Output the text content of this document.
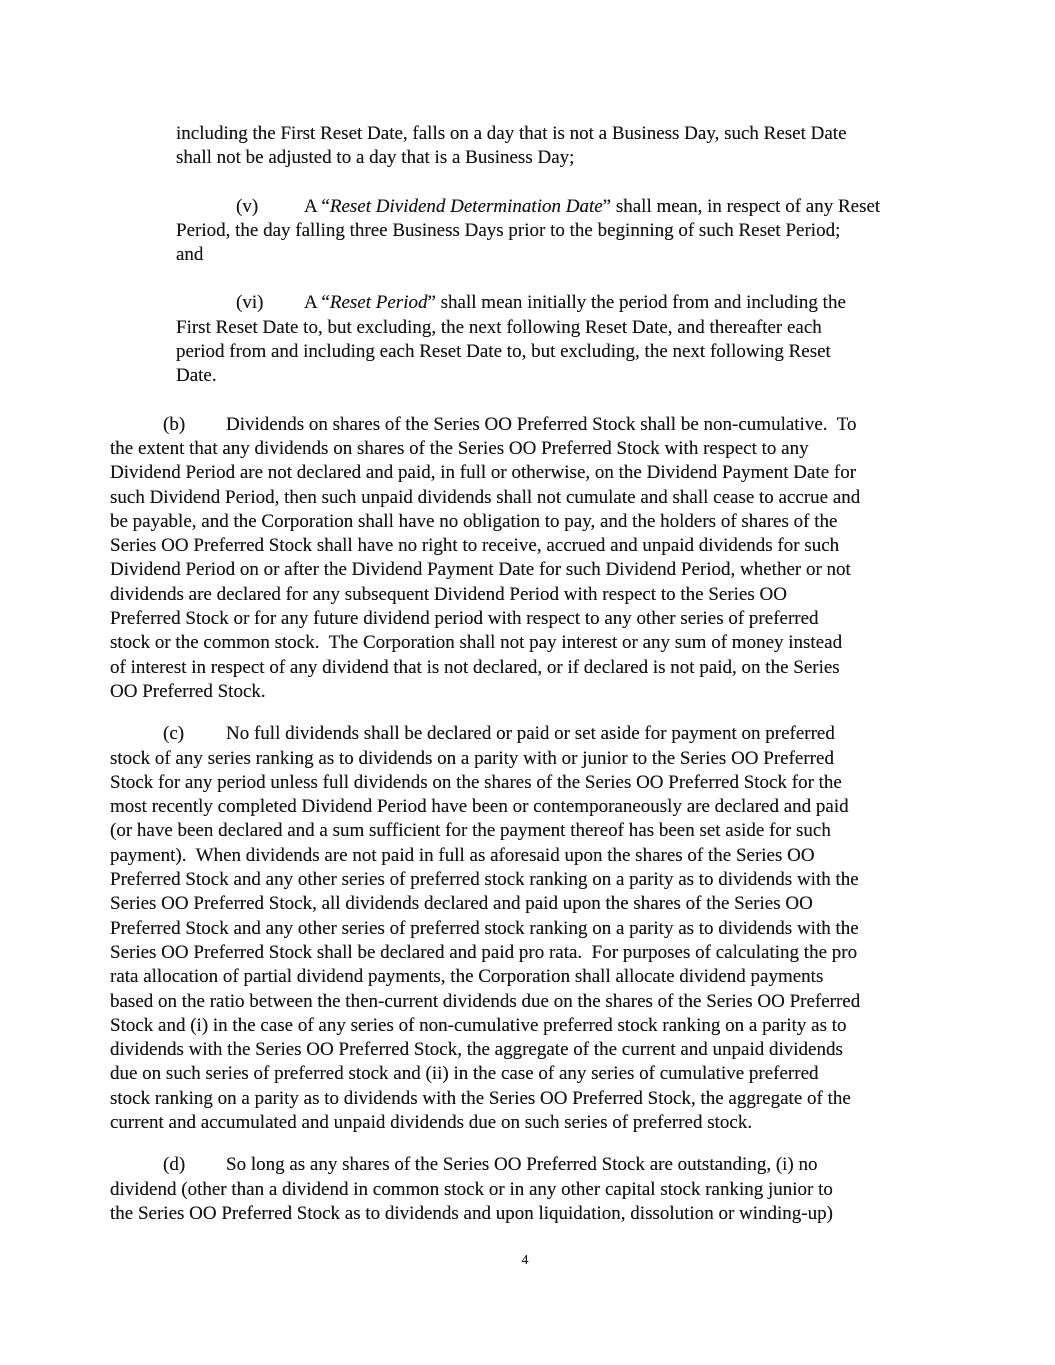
including the First Reset Date, falls on a day that is not a Business Day, such Reset Date
shall not be adjusted to a day that is a Business Day;
(v) A “Reset Dividend Determination Date” shall mean, in respect of any Reset
Period, the day falling three Business Days prior to the beginning of such Reset Period;
and
(vi) A “Reset Period” shall mean initially the period from and including the
First Reset Date to, but excluding, the next following Reset Date, and thereafter each
period from and including each Reset Date to, but excluding, the next following Reset
Date.
(b) Dividends on shares of the Series OO Preferred Stock shall be non-cumulative.  To
the extent that any dividends on shares of the Series OO Preferred Stock with respect to any
Dividend Period are not declared and paid, in full or otherwise, on the Dividend Payment Date for
such Dividend Period, then such unpaid dividends shall not cumulate and shall cease to accrue and
be payable, and the Corporation shall have no obligation to pay, and the holders of shares of the
Series OO Preferred Stock shall have no right to receive, accrued and unpaid dividends for such
Dividend Period on or after the Dividend Payment Date for such Dividend Period, whether or not
dividends are declared for any subsequent Dividend Period with respect to the Series OO
Preferred Stock or for any future dividend period with respect to any other series of preferred
stock or the common stock.  The Corporation shall not pay interest or any sum of money instead
of interest in respect of any dividend that is not declared, or if declared is not paid, on the Series
OO Preferred Stock.
(c) No full dividends shall be declared or paid or set aside for payment on preferred
stock of any series ranking as to dividends on a parity with or junior to the Series OO Preferred
Stock for any period unless full dividends on the shares of the Series OO Preferred Stock for the
most recently completed Dividend Period have been or contemporaneously are declared and paid
(or have been declared and a sum sufficient for the payment thereof has been set aside for such
payment).  When dividends are not paid in full as aforesaid upon the shares of the Series OO
Preferred Stock and any other series of preferred stock ranking on a parity as to dividends with the
Series OO Preferred Stock, all dividends declared and paid upon the shares of the Series OO
Preferred Stock and any other series of preferred stock ranking on a parity as to dividends with the
Series OO Preferred Stock shall be declared and paid pro rata.  For purposes of calculating the pro
rata allocation of partial dividend payments, the Corporation shall allocate dividend payments
based on the ratio between the then-current dividends due on the shares of the Series OO Preferred
Stock and (i) in the case of any series of non-cumulative preferred stock ranking on a parity as to
dividends with the Series OO Preferred Stock, the aggregate of the current and unpaid dividends
due on such series of preferred stock and (ii) in the case of any series of cumulative preferred
stock ranking on a parity as to dividends with the Series OO Preferred Stock, the aggregate of the
current and accumulated and unpaid dividends due on such series of preferred stock.
(d) So long as any shares of the Series OO Preferred Stock are outstanding, (i) no
dividend (other than a dividend in common stock or in any other capital stock ranking junior to
the Series OO Preferred Stock as to dividends and upon liquidation, dissolution or winding-up)
4
